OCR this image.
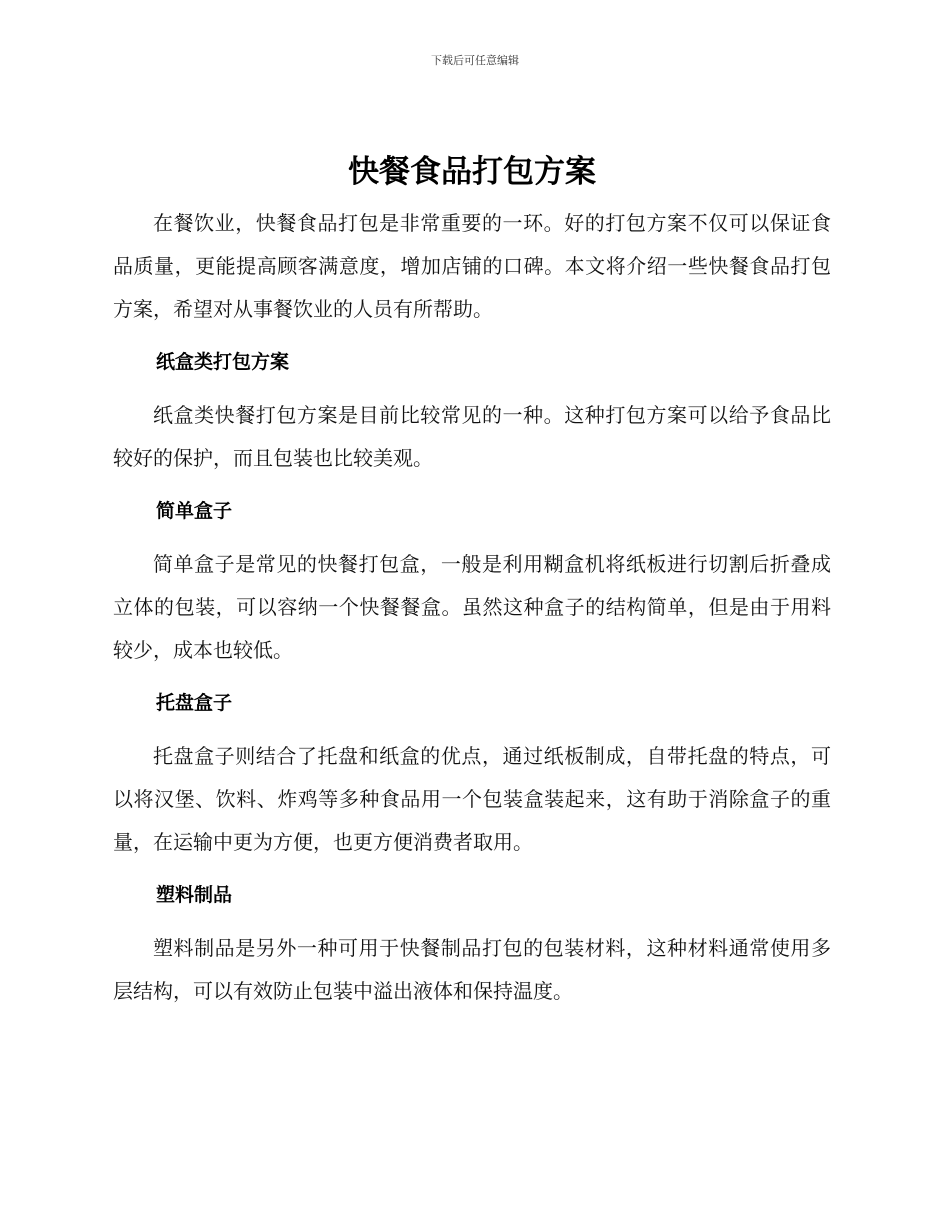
下载后可任意编辑
快餐食品打包方案

在餐饮业，快餐食品打包是非常重要的一环。好的打包方案不仅可以保证食品质量，更能提高顾客满意度，增加店铺的口碑。本文将介绍一些快餐食品打包方案，希望对从事餐饮业的人员有所帮助。

纸盒类打包方案

纸盒类快餐打包方案是目前比较常见的一种。这种打包方案可以给予食品比较好的保护，而且包装也比较美观。

简单盒子

简单盒子是常见的快餐打包盒，一般是利用糊盒机将纸板进行切割后折叠成立体的包装，可以容纳一个快餐餐盒。虽然这种盒子的结构简单，但是由于用料较少，成本也较低。

托盘盒子

托盘盒子则结合了托盘和纸盒的优点，通过纸板制成，自带托盘的特点，可以将汉堡、饮料、炸鸡等多种食品用一个包装盒装起来，这有助于消除盒子的重量，在运输中更为方便，也更方便消费者取用。

塑料制品

塑料制品是另外一种可用于快餐制品打包的包装材料，这种材料通常使用多层结构，可以有效防止包装中溢出液体和保持温度。
